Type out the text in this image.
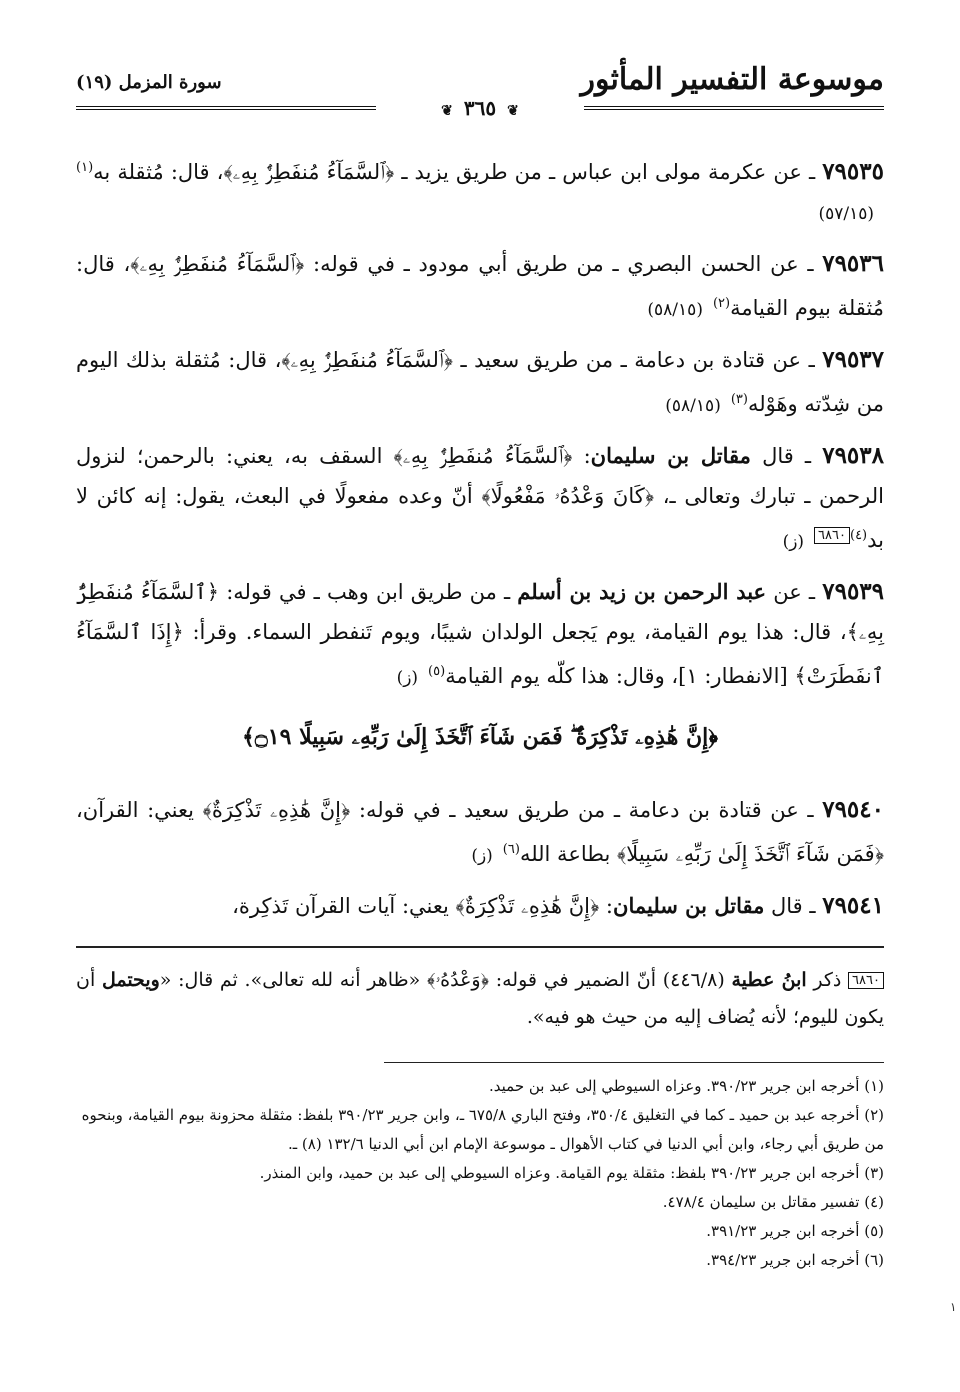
موسوعة التفسير المأثور
سورة المزمل (١٩)
❦ ٣٦٥ ❦
٧٩٥٣٥ ـ عن عكرمة مولى ابن عباس ـ من طريق يزيد ـ ﴿ٱلسَّمَآءُ مُنفَطِرٌۢ بِهِۦ﴾، قال: مُثقلة به$^{(١)}$(٥٧/١٥)
٧٩٥٣٦ ـ عن الحسن البصري ـ من طريق أبي مودود ـ في قوله: ﴿ٱلسَّمَآءُ مُنفَطِرٌۢ بِهِۦ﴾، قال: مُثقلة بيوم القيامة$^{(٢)}$(٥٨/١٥)
٧٩٥٣٧ ـ عن قتادة بن دعامة ـ من طريق سعيد ـ ﴿ٱلسَّمَآءُ مُنفَطِرٌۢ بِهِۦ﴾، قال: مُثقلة بذلك اليوم من شِدّته وهَوْله$^{(٣)}$(٥٨/١٥)
٧٩٥٣٨ ـ قال مقاتل بن سليمان: ﴿ٱلسَّمَآءُ مُنفَطِرٌۢ بِهِۦ﴾ السقف به، يعني: بالرحمن؛ لنزول الرحمن ـ تبارك وتعالى ـ، ﴿كَانَ وَعْدُهُۥ مَفْعُولًا﴾ أنّ وعده مفعولًا في البعث، يقول: إنه كائن لا بد$^{(٤)٦٨٦٠}$(ز)
٧٩٥٣٩ ـ عن عبد الرحمن بن زيد بن أسلم ـ من طريق ابن وهب ـ في قوله: ﴿ٱلسَّمَآءُ مُنفَطِرٌۢ بِهِۦ﴾، قال: هذا يوم القيامة، يوم يَجعل الولدان شيبًا، ويوم تَنفطر السماء. وقرأ: ﴿إِذَا ٱلسَّمَآءُ ٱنفَطَرَتْ﴾ [الانفطار: ١]، وقال: هذا كلّه يوم القيامة$^{(٥)}$(ز)
﴿إِنَّ هَٰذِهِۦ تَذْكِرَةٌ ۖ فَمَن شَآءَ ٱتَّخَذَ إِلَىٰ رَبِّهِۦ سَبِيلًا ۝١٩﴾
٧٩٥٤٠ ـ عن قتادة بن دعامة ـ من طريق سعيد ـ في قوله: ﴿إِنَّ هَٰذِهِۦ تَذْكِرَةٌ﴾ يعني: القرآن، ﴿فَمَن شَآءَ ٱتَّخَذَ إِلَىٰ رَبِّهِۦ سَبِيلًا﴾ بطاعة الله$^{(٦)}$(ز)
٧٩٥٤١ ـ قال مقاتل بن سليمان: ﴿إِنَّ هَٰذِهِۦ تَذْكِرَةٌ﴾ يعني: آيات القرآن تَذكِرة،
٦٨٦٠ ذكر ابنُ عطية (٤٤٦/٨) أنّ الضمير في قوله: ﴿وَعْدُهُۥ﴾ «ظاهر أنه لله تعالى». ثم قال: «ويحتمل أن يكون لليوم؛ لأنه يُضاف إليه من حيث هو فيه».
(١) أخرجه ابن جرير ٣٩٠/٢٣. وعزاه السيوطي إلى عبد بن حميد.
(٢) أخرجه عبد بن حميد ـ كما في التغليق ٣٥٠/٤، وفتح الباري ٦٧٥/٨ ـ، وابن جرير ٣٩٠/٢٣ بلفظ: مثقلة محزونة بيوم القيامة، وبنحوه من طريق أبي رجاء، وابن أبي الدنيا في كتاب الأهوال ـ موسوعة الإمام ابن أبي الدنيا ١٣٢/٦ (٨) ـ.
(٣) أخرجه ابن جرير ٣٩٠/٢٣ بلفظ: مثقلة يوم القيامة. وعزاه السيوطي إلى عبد بن حميد، وابن المنذر.
(٤) تفسير مقاتل بن سليمان ٤٧٨/٤.
(٥) أخرجه ابن جرير ٣٩١/٢٣.
(٦) أخرجه ابن جرير ٣٩٤/٢٣.
١
